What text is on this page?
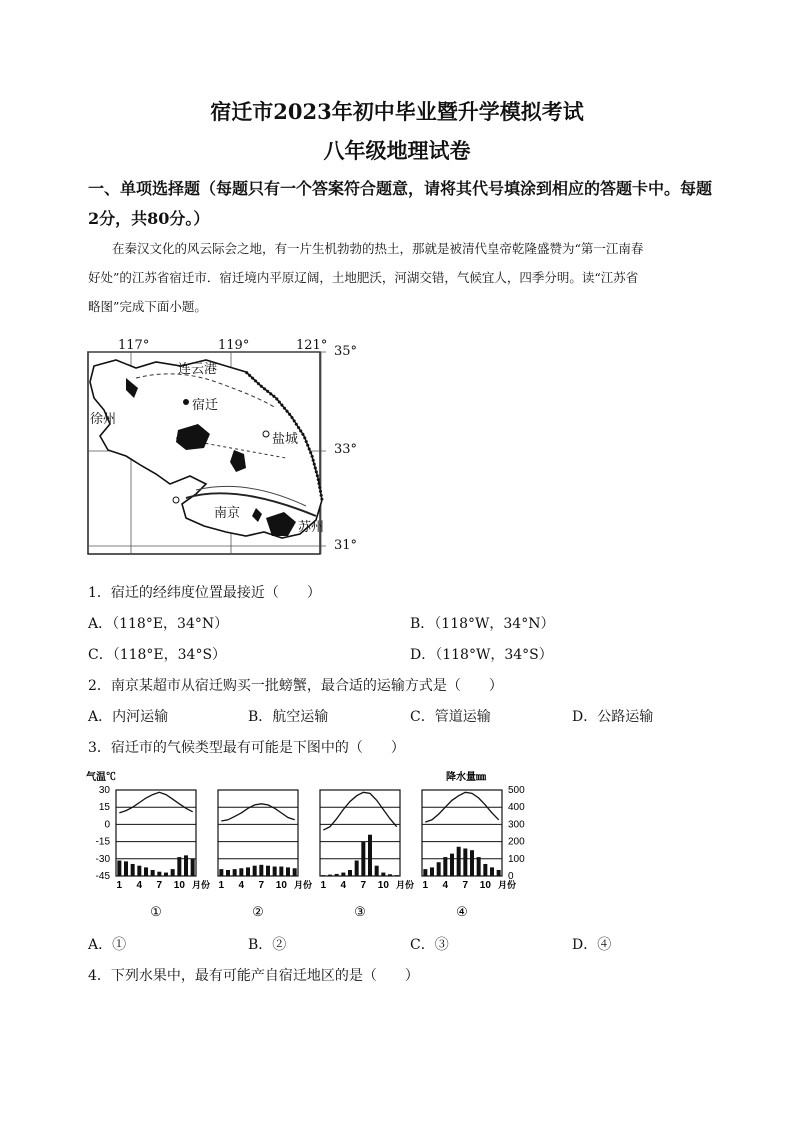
宿迁市2023年初中毕业暨升学模拟考试
八年级地理试卷
一、单项选择题（每题只有一个答案符合题意，请将其代号填涂到相应的答题卡中。每题
2分，共80分。）
在秦汉文化的风云际会之地，有一片生机勃勃的热土，那就是被清代皇帝乾隆盛赞为“第一江南春
好处”的江苏省宿迁市．宿迁境内平原辽阔，土地肥沃，河湖交错，气候宜人，四季分明。读“江苏省
略图”完成下面小题。
117°	119°	121° 35°
33°
31°
连云港
宿迁
徐州
盐城
南京
苏州
1．宿迁的经纬度位置最接近（　　）
A．（118°E，34°N）	B．（118°W，34°N）
C．（118°E，34°S）	D．（118°W，34°S）
2．南京某超市从宿迁购买一批螃蟹，最合适的运输方式是（　　）
A．内河运输	B．航空运输	C．管道运输	D．公路运输
3．宿迁市的气候类型最有可能是下图中的（　　）
气温℃	降水量㎜
30
15
0
-15
-30
-45
500
400
300
200
100
0
1 4 7 10 月份
①
1 4 7 10 月份
②
1 4 7 10 月份
③
1 4 7 10 月份
④
A．①	B．②	C．③	D．④
4．下列水果中，最有可能产自宿迁地区的是（　　）
